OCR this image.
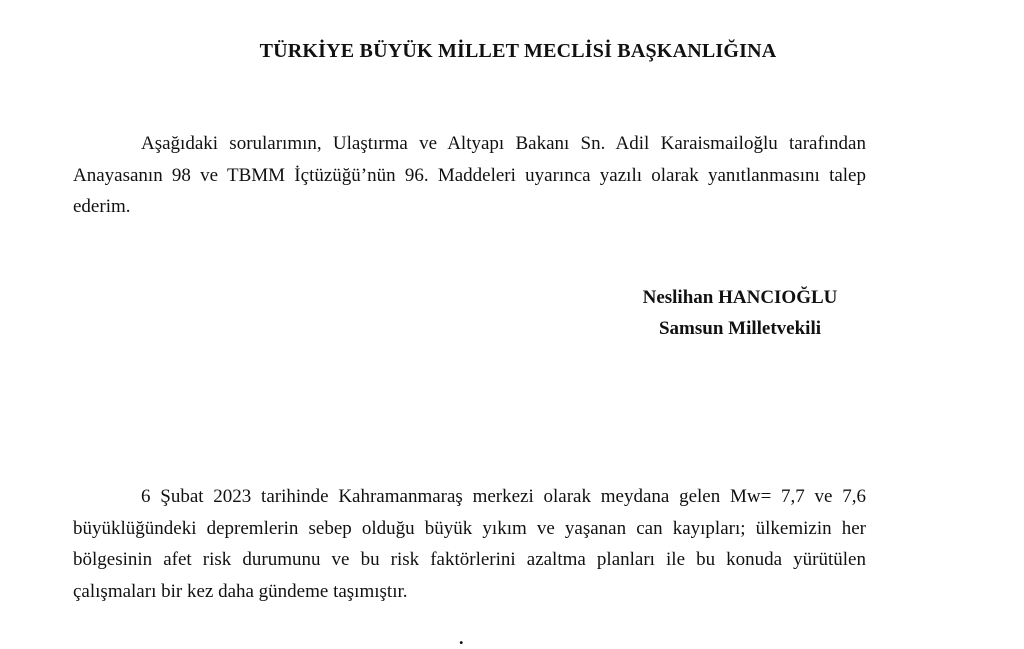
TÜRKİYE BÜYÜK MİLLET MECLİSİ BAŞKANLIĞINA

Aşağıdaki sorularımın, Ulaştırma ve Altyapı Bakanı Sn. Adil Karaismailoğlu tarafından Anayasanın 98 ve TBMM İçtüzüğü’nün 96. Maddeleri uyarınca yazılı olarak yanıtlanmasını talep ederim.

Neslihan HANCIOĞLU
Samsun Milletvekili

6 Şubat 2023 tarihinde Kahramanmaraş merkezi olarak meydana gelen Mw= 7,7 ve 7,6 büyüklüğündeki depremlerin sebep olduğu büyük yıkım ve yaşanan can kayıpları; ülkemizin her bölgesinin afet risk durumunu ve bu risk faktörlerini azaltma planları ile bu konuda yürütülen çalışmaları bir kez daha gündeme taşımıştır.

.
